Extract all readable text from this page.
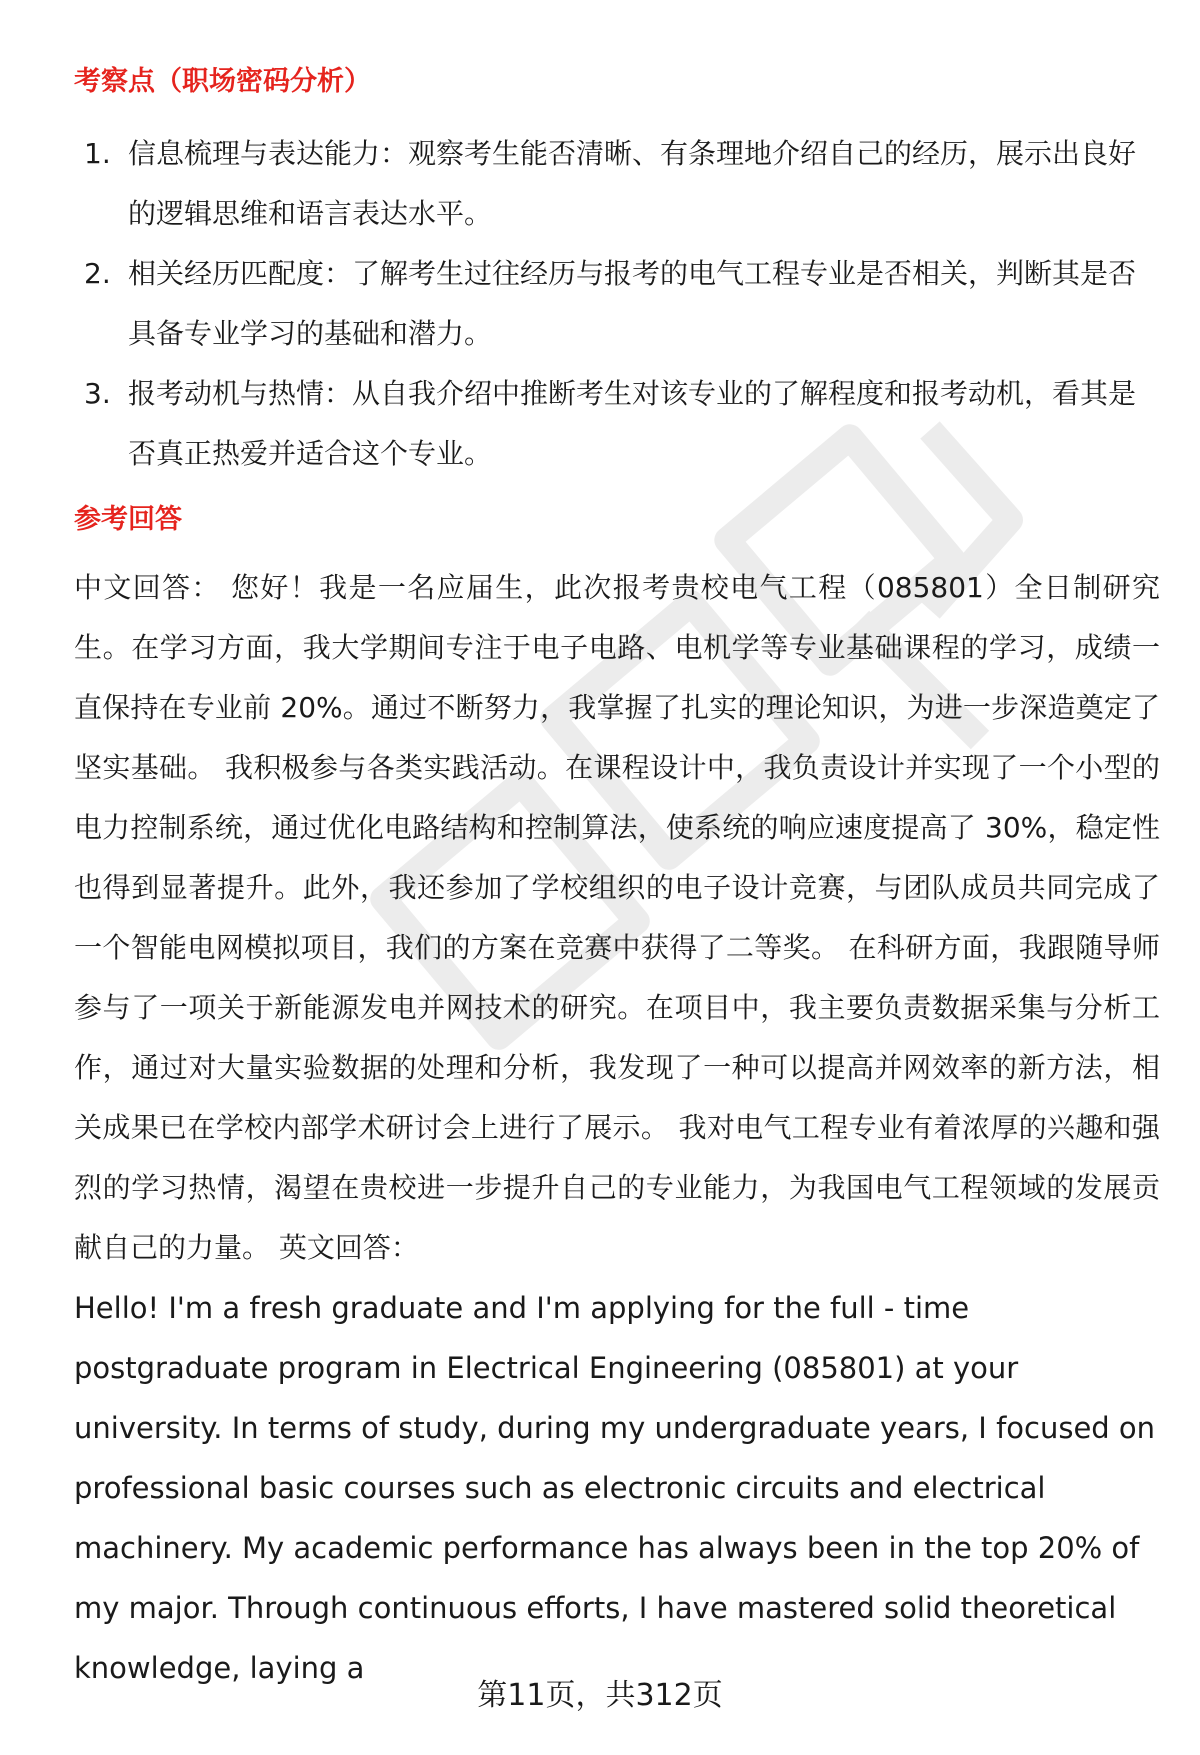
考察点（职场密码分析）
1. 信息梳理与表达能力：观察考生能否清晰、有条理地介绍自己的经历，展示出良好的逻辑思维和语言表达水平。
2. 相关经历匹配度：了解考生过往经历与报考的电气工程专业是否相关，判断其是否具备专业学习的基础和潜力。
3. 报考动机与热情：从自我介绍中推断考生对该专业的了解程度和报考动机，看其是否真正热爱并适合这个专业。
参考回答

中文回答： 您好！我是一名应届生，此次报考贵校电气工程（085801）全日制研究生。在学习方面，我大学期间专注于电子电路、电机学等专业基础课程的学习，成绩一直保持在专业前 20%。通过不断努力，我掌握了扎实的理论知识，为进一步深造奠定了坚实基础。 我积极参与各类实践活动。在课程设计中，我负责设计并实现了一个小型的电力控制系统，通过优化电路结构和控制算法，使系统的响应速度提高了 30%，稳定性也得到显著提升。此外，我还参加了学校组织的电子设计竞赛，与团队成员共同完成了一个智能电网模拟项目，我们的方案在竞赛中获得了二等奖。 在科研方面，我跟随导师参与了一项关于新能源发电并网技术的研究。在项目中，我主要负责数据采集与分析工作，通过对大量实验数据的处理和分析，我发现了一种可以提高并网效率的新方法，相关成果已在学校内部学术研讨会上进行了展示。 我对电气工程专业有着浓厚的兴趣和强烈的学习热情，渴望在贵校进一步提升自己的专业能力，为我国电气工程领域的发展贡献自己的力量。 英文回答：

Hello! I'm a fresh graduate and I'm applying for the full - time postgraduate program in Electrical Engineering (085801) at your university. In terms of study, during my undergraduate years, I focused on professional basic courses such as electronic circuits and electrical machinery. My academic performance has always been in the top 20% of my major. Through continuous efforts, I have mastered solid theoretical knowledge, laying a

第11页，共312页
